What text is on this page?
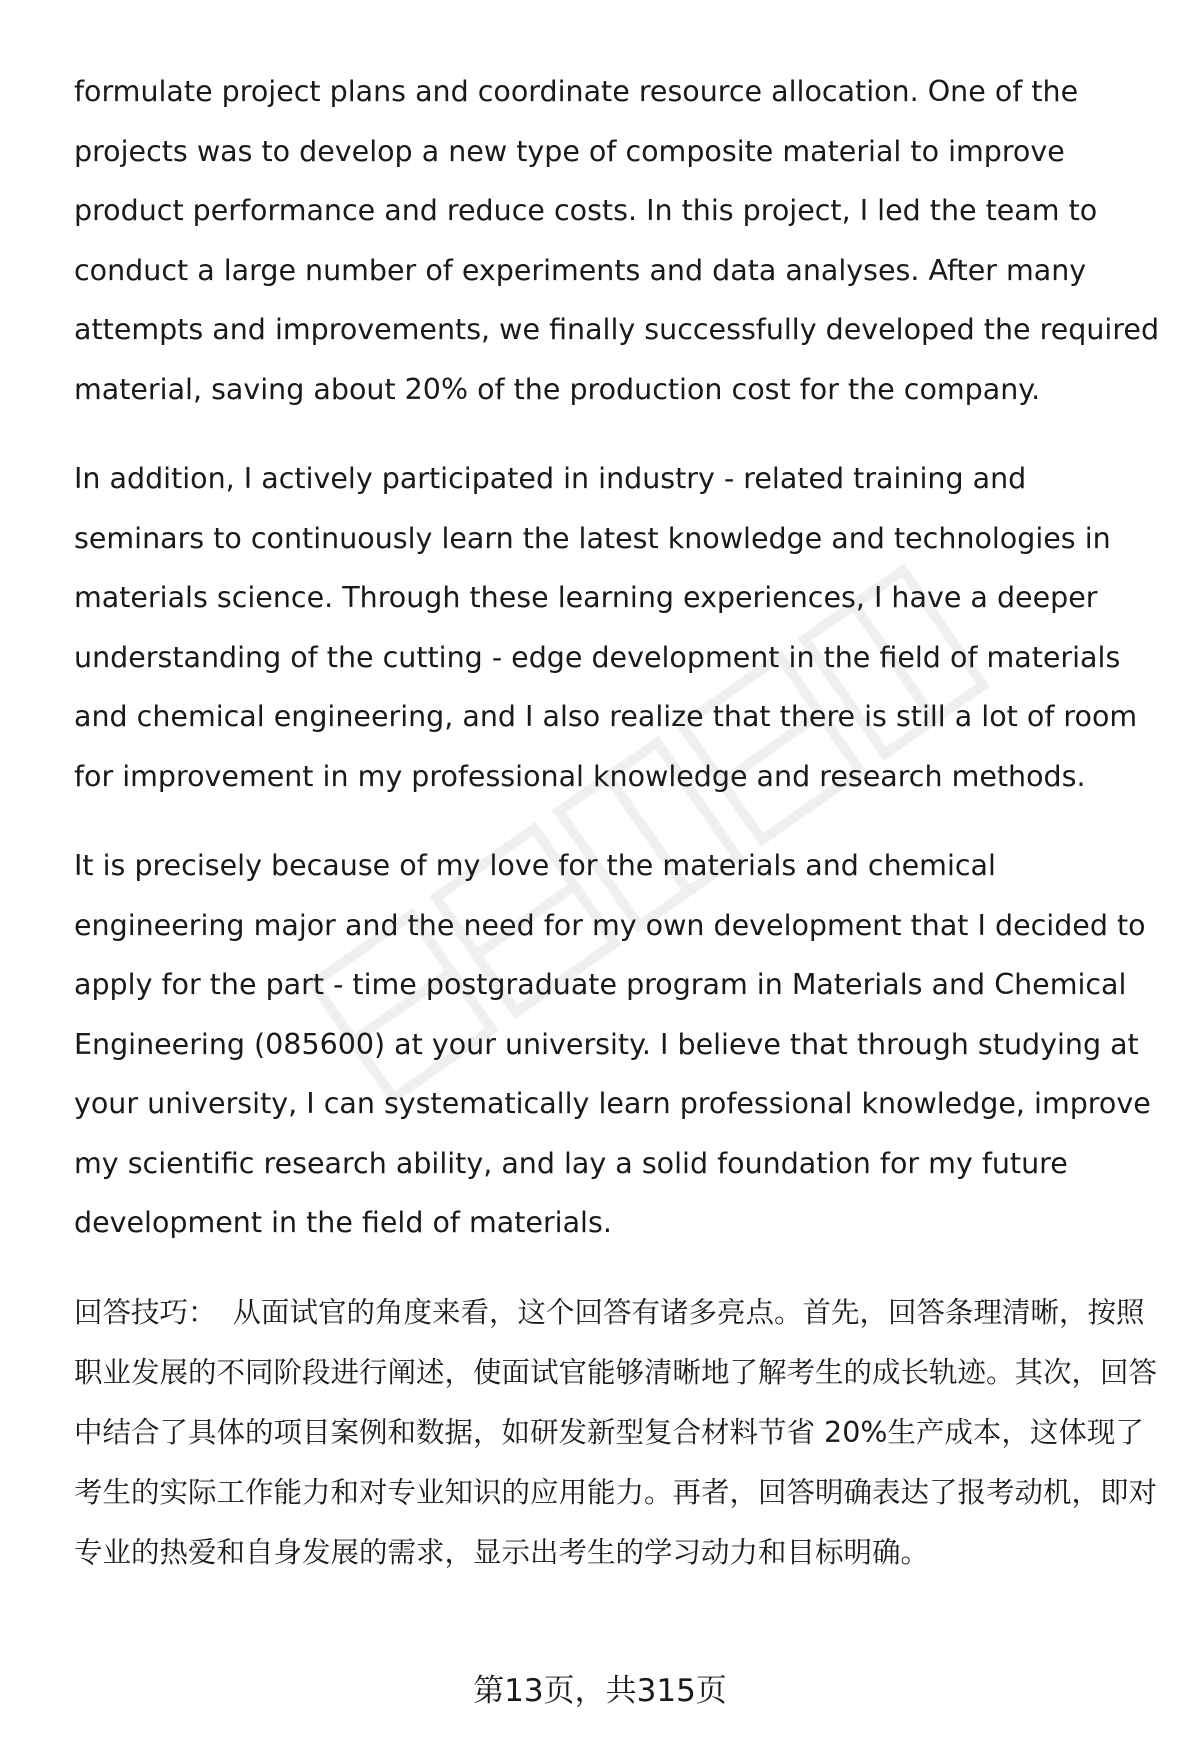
formulate project plans and coordinate resource allocation. One of the projects was to develop a new type of composite material to improve product performance and reduce costs. In this project, I led the team to conduct a large number of experiments and data analyses. After many attempts and improvements, we finally successfully developed the required material, saving about 20% of the production cost for the company.

In addition, I actively participated in industry - related training and seminars to continuously learn the latest knowledge and technologies in materials science. Through these learning experiences, I have a deeper understanding of the cutting - edge development in the field of materials and chemical engineering, and I also realize that there is still a lot of room for improvement in my professional knowledge and research methods.

It is precisely because of my love for the materials and chemical engineering major and the need for my own development that I decided to apply for the part - time postgraduate program in Materials and Chemical Engineering (085600) at your university. I believe that through studying at your university, I can systematically learn professional knowledge, improve my scientific research ability, and lay a solid foundation for my future development in the field of materials.

回答技巧： 从面试官的角度来看，这个回答有诸多亮点。首先，回答条理清晰，按照职业发展的不同阶段进行阐述，使面试官能够清晰地了解考生的成长轨迹。其次，回答中结合了具体的项目案例和数据，如研发新型复合材料节省 20%生产成本，这体现了考生的实际工作能力和对专业知识的应用能力。再者，回答明确表达了报考动机，即对专业的热爱和自身发展的需求，显示出考生的学习动力和目标明确。

第13页，共315页
